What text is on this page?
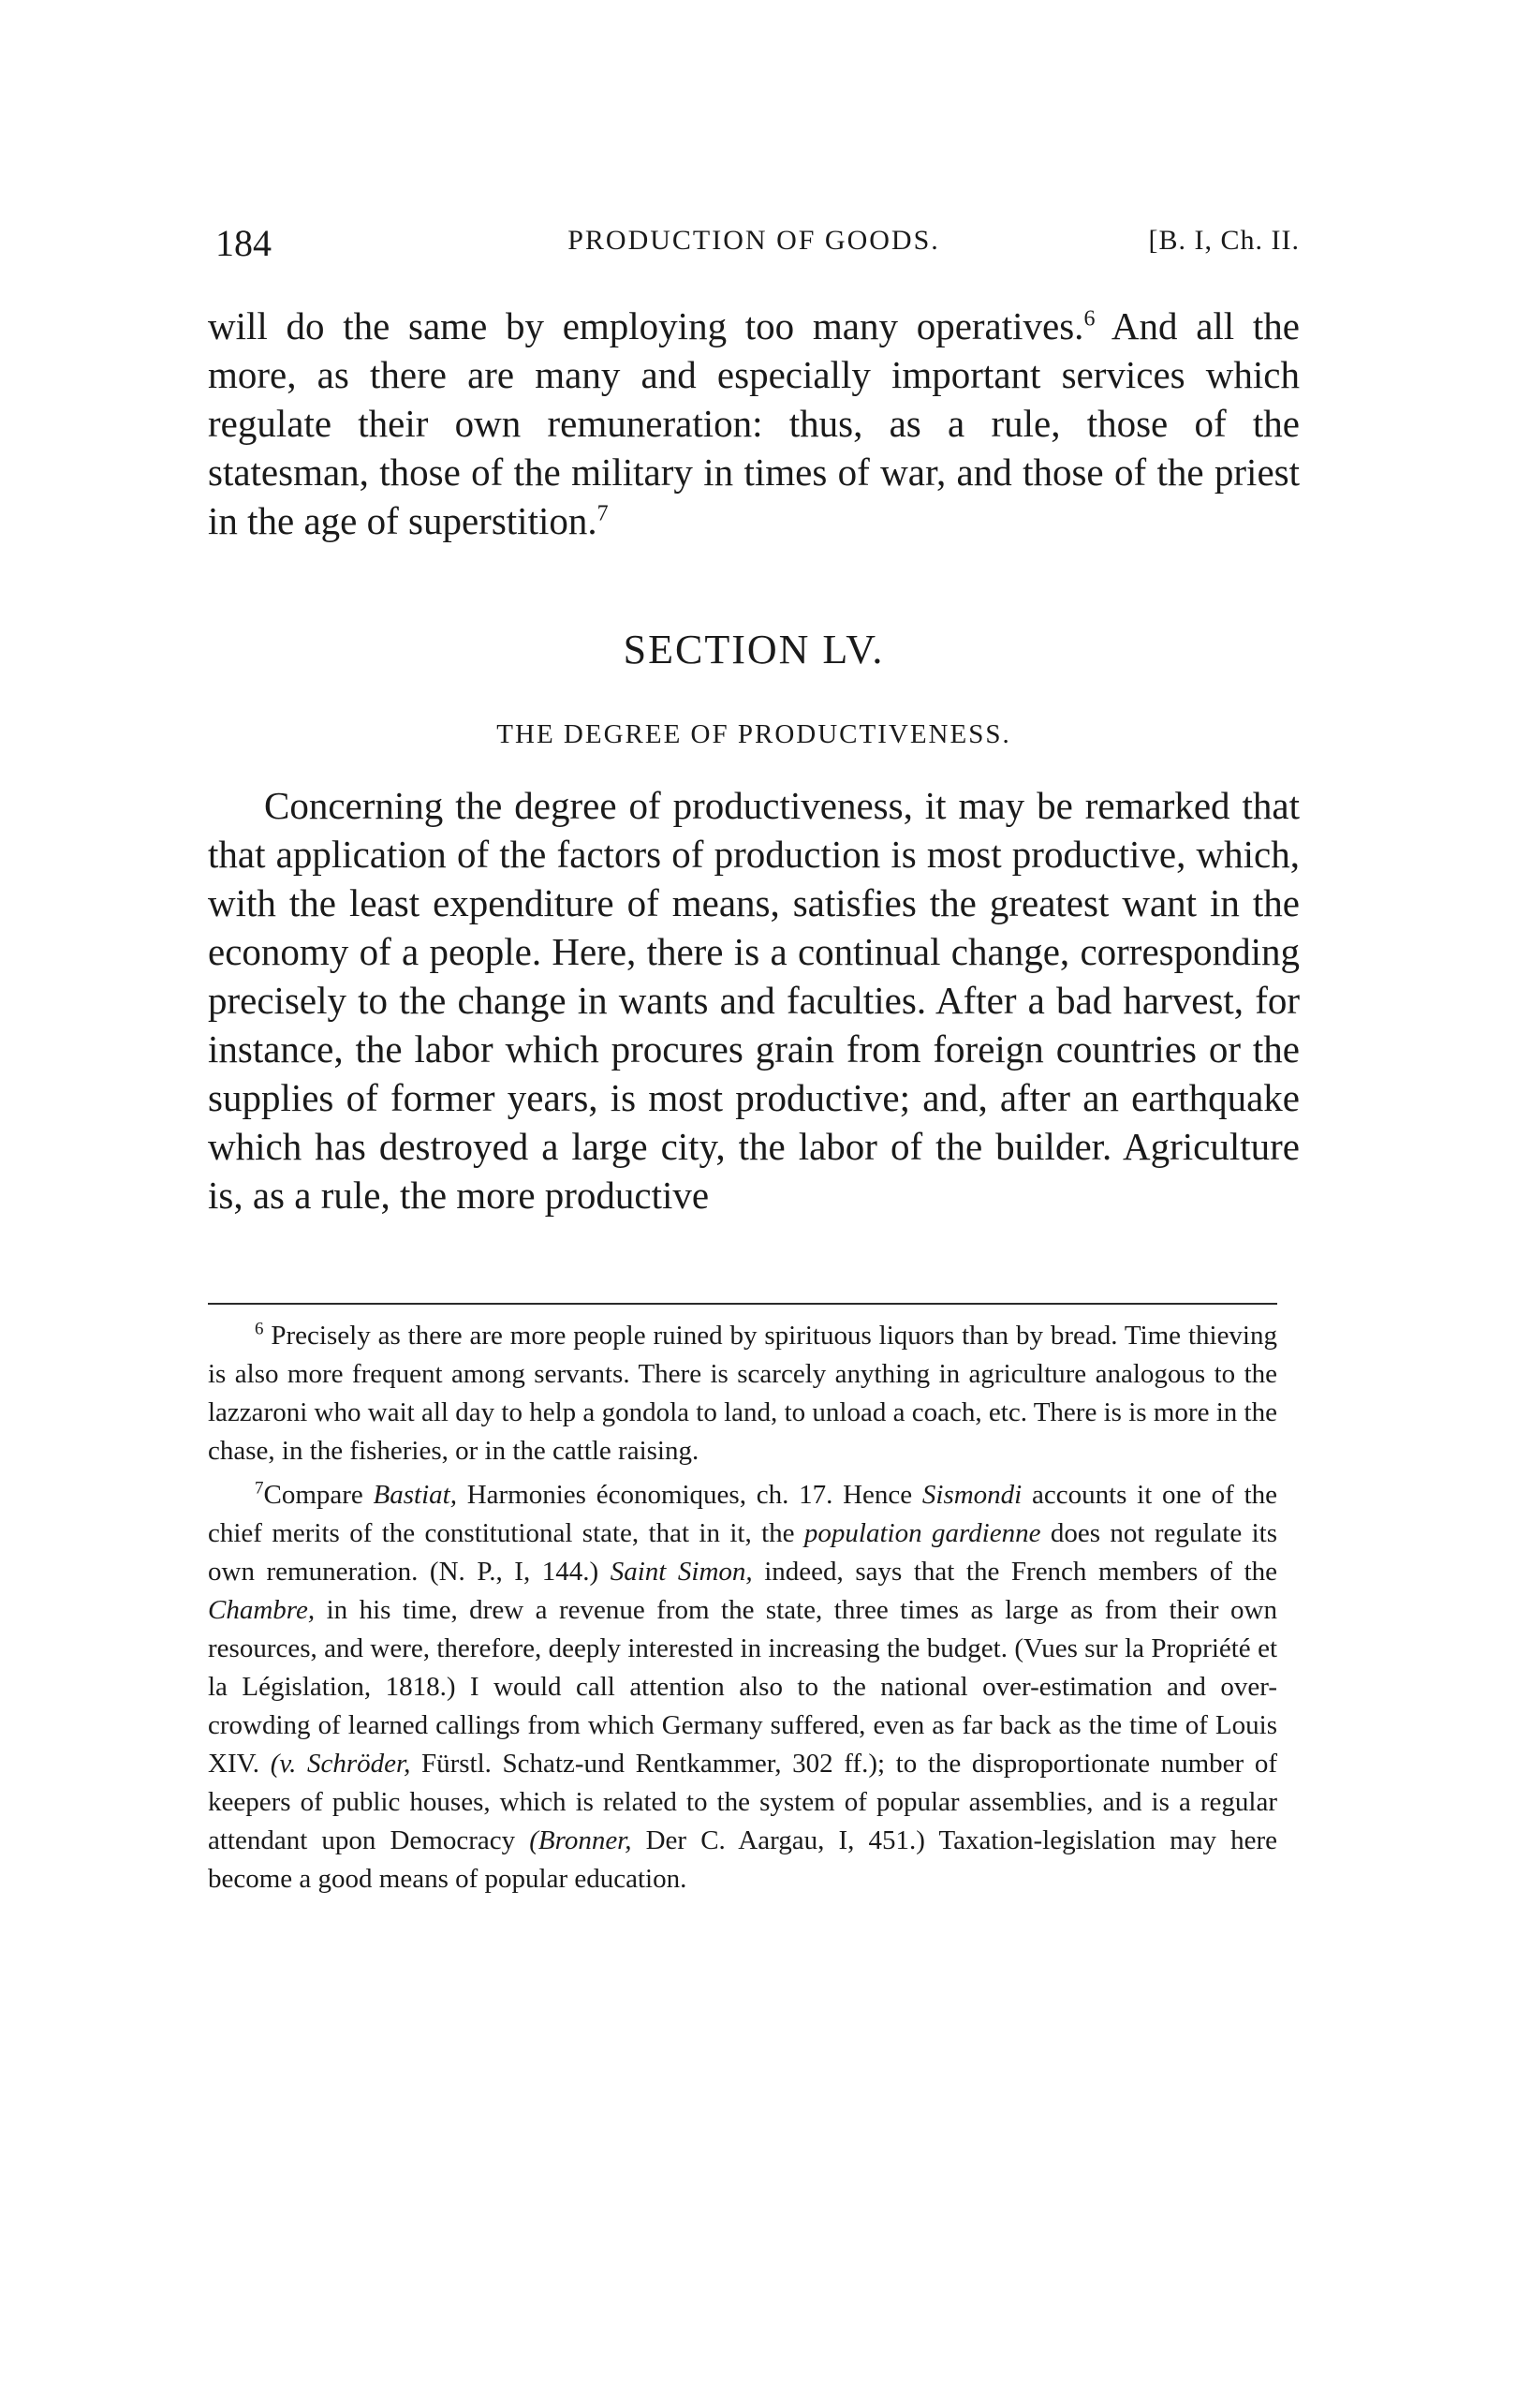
184	PRODUCTION OF GOODS.	[B. I, Ch. II.

will do the same by employing too many operatives.$^6$ And all the more, as there are many and especially important services which regulate their own remuneration: thus, as a rule, those of the statesman, those of the military in times of war, and those of the priest in the age of superstition.$^7$

SECTION LV.
THE DEGREE OF PRODUCTIVENESS.

Concerning the degree of productiveness, it may be remarked that that application of the factors of production is most productive, which, with the least expenditure of means, satisfies the greatest want in the economy of a people. Here, there is a continual change, corresponding precisely to the change in wants and faculties. After a bad harvest, for instance, the labor which procures grain from foreign countries or the supplies of former years, is most productive; and, after an earthquake which has destroyed a large city, the labor of the builder. Agriculture is, as a rule, the more productive

$^6$ Precisely as there are more people ruined by spirituous liquors than by bread. Time thieving is also more frequent among servants. There is scarcely anything in agriculture analogous to the lazzaroni who wait all day to help a gondola to land, to unload a coach, etc. There is is more in the chase, in the fisheries, or in the cattle raising.

$^7$Compare Bastiat, Harmonies économiques, ch. 17. Hence Sismondi accounts it one of the chief merits of the constitutional state, that in it, the population gardienne does not regulate its own remuneration. (N. P., I, 144.) Saint Simon, indeed, says that the French members of the Chambre, in his time, drew a revenue from the state, three times as large as from their own resources, and were, therefore, deeply interested in increasing the budget. (Vues sur la Propriété et la Législation, 1818.) I would call attention also to the national over-estimation and over-crowding of learned callings from which Germany suffered, even as far back as the time of Louis XIV. (v. Schröder, Fürstl. Schatz-und Rentkammer, 302 ff.); to the disproportionate number of keepers of public houses, which is related to the system of popular assemblies, and is a regular attendant upon Democracy (Bronner, Der C. Aargau, I, 451.) Taxation-legislation may here become a good means of popular education.
